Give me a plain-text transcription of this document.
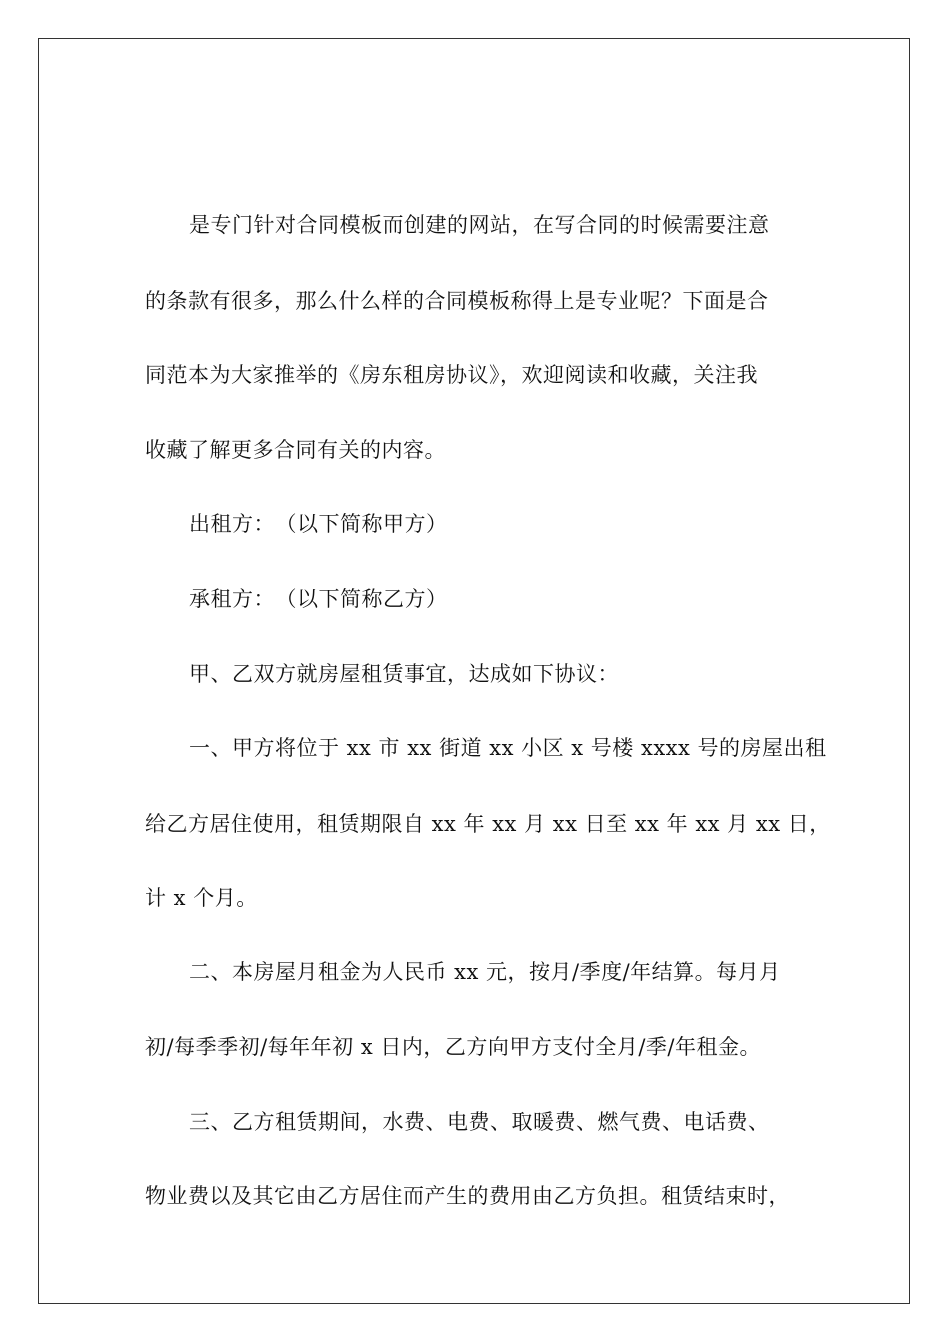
是专门针对合同模板而创建的网站，在写合同的时候需要注意
的条款有很多，那么什么样的合同模板称得上是专业呢？下面是合
同范本为大家推举的《房东租房协议》，欢迎阅读和收藏，关注我
收藏了解更多合同有关的内容。
出租方：　（以下简称甲方）
承租方：　（以下简称乙方）
甲、乙双方就房屋租赁事宜，达成如下协议：
一、甲方将位于 xx 市 xx 街道 xx 小区 x 号楼 xxxx 号的房屋出租
给乙方居住使用，租赁期限自 xx 年 xx 月 xx 日至 xx 年 xx 月 xx 日，
计 x 个月。
二、本房屋月租金为人民币 xx 元，按月/季度/年结算。每月月
初/每季季初/每年年初 x 日内，乙方向甲方支付全月/季/年租金。
三、乙方租赁期间，水费、电费、取暖费、燃气费、电话费、
物业费以及其它由乙方居住而产生的费用由乙方负担。租赁结束时，
